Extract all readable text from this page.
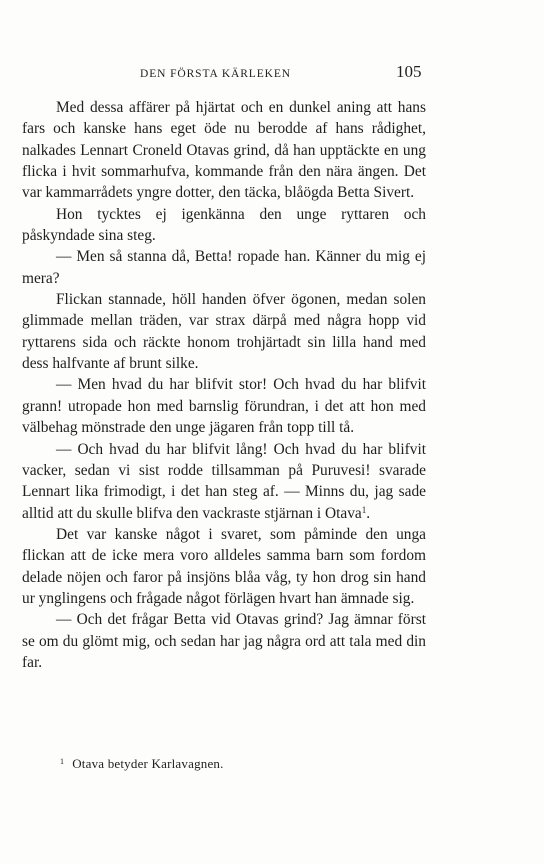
DEN FÖRSTA KÄRLEKEN	105

Med dessa affärer på hjärtat och en dunkel aning att hans fars och kanske hans eget öde nu berodde af hans rådighet, nalkades Lennart Croneld Otavas grind, då han upptäckte en ung flicka i hvit sommarhufva, kommande från den nära ängen. Det var kammarrådets yngre dotter, den täcka, blåögda Betta Sivert.

Hon tycktes ej igenkänna den unge ryttaren och påskyndade sina steg.

— Men så stanna då, Betta! ropade han. Känner du mig ej mera?

Flickan stannade, höll handen öfver ögonen, medan solen glimmade mellan träden, var strax därpå med några hopp vid ryttarens sida och räckte honom trohjärtadt sin lilla hand med dess halfvante af brunt silke.

— Men hvad du har blifvit stor! Och hvad du har blifvit grann! utropade hon med barnslig förundran, i det att hon med välbehag mönstrade den unge jägaren från topp till tå.

— Och hvad du har blifvit lång! Och hvad du har blifvit vacker, sedan vi sist rodde tillsamman på Puruvesi! svarade Lennart lika frimodigt, i det han steg af. — Minns du, jag sade alltid att du skulle blifva den vackraste stjärnan i Otava$^1$.

Det var kanske något i svaret, som påminde den unga flickan att de icke mera voro alldeles samma barn som fordom delade nöjen och faror på insjöns blåa våg, ty hon drog sin hand ur ynglingens och frågade något förlägen hvart han ämnade sig.

— Och det frågar Betta vid Otavas grind? Jag ämnar först se om du glömt mig, och sedan har jag några ord att tala med din far.

$^1$ Otava betyder Karlavagnen.
